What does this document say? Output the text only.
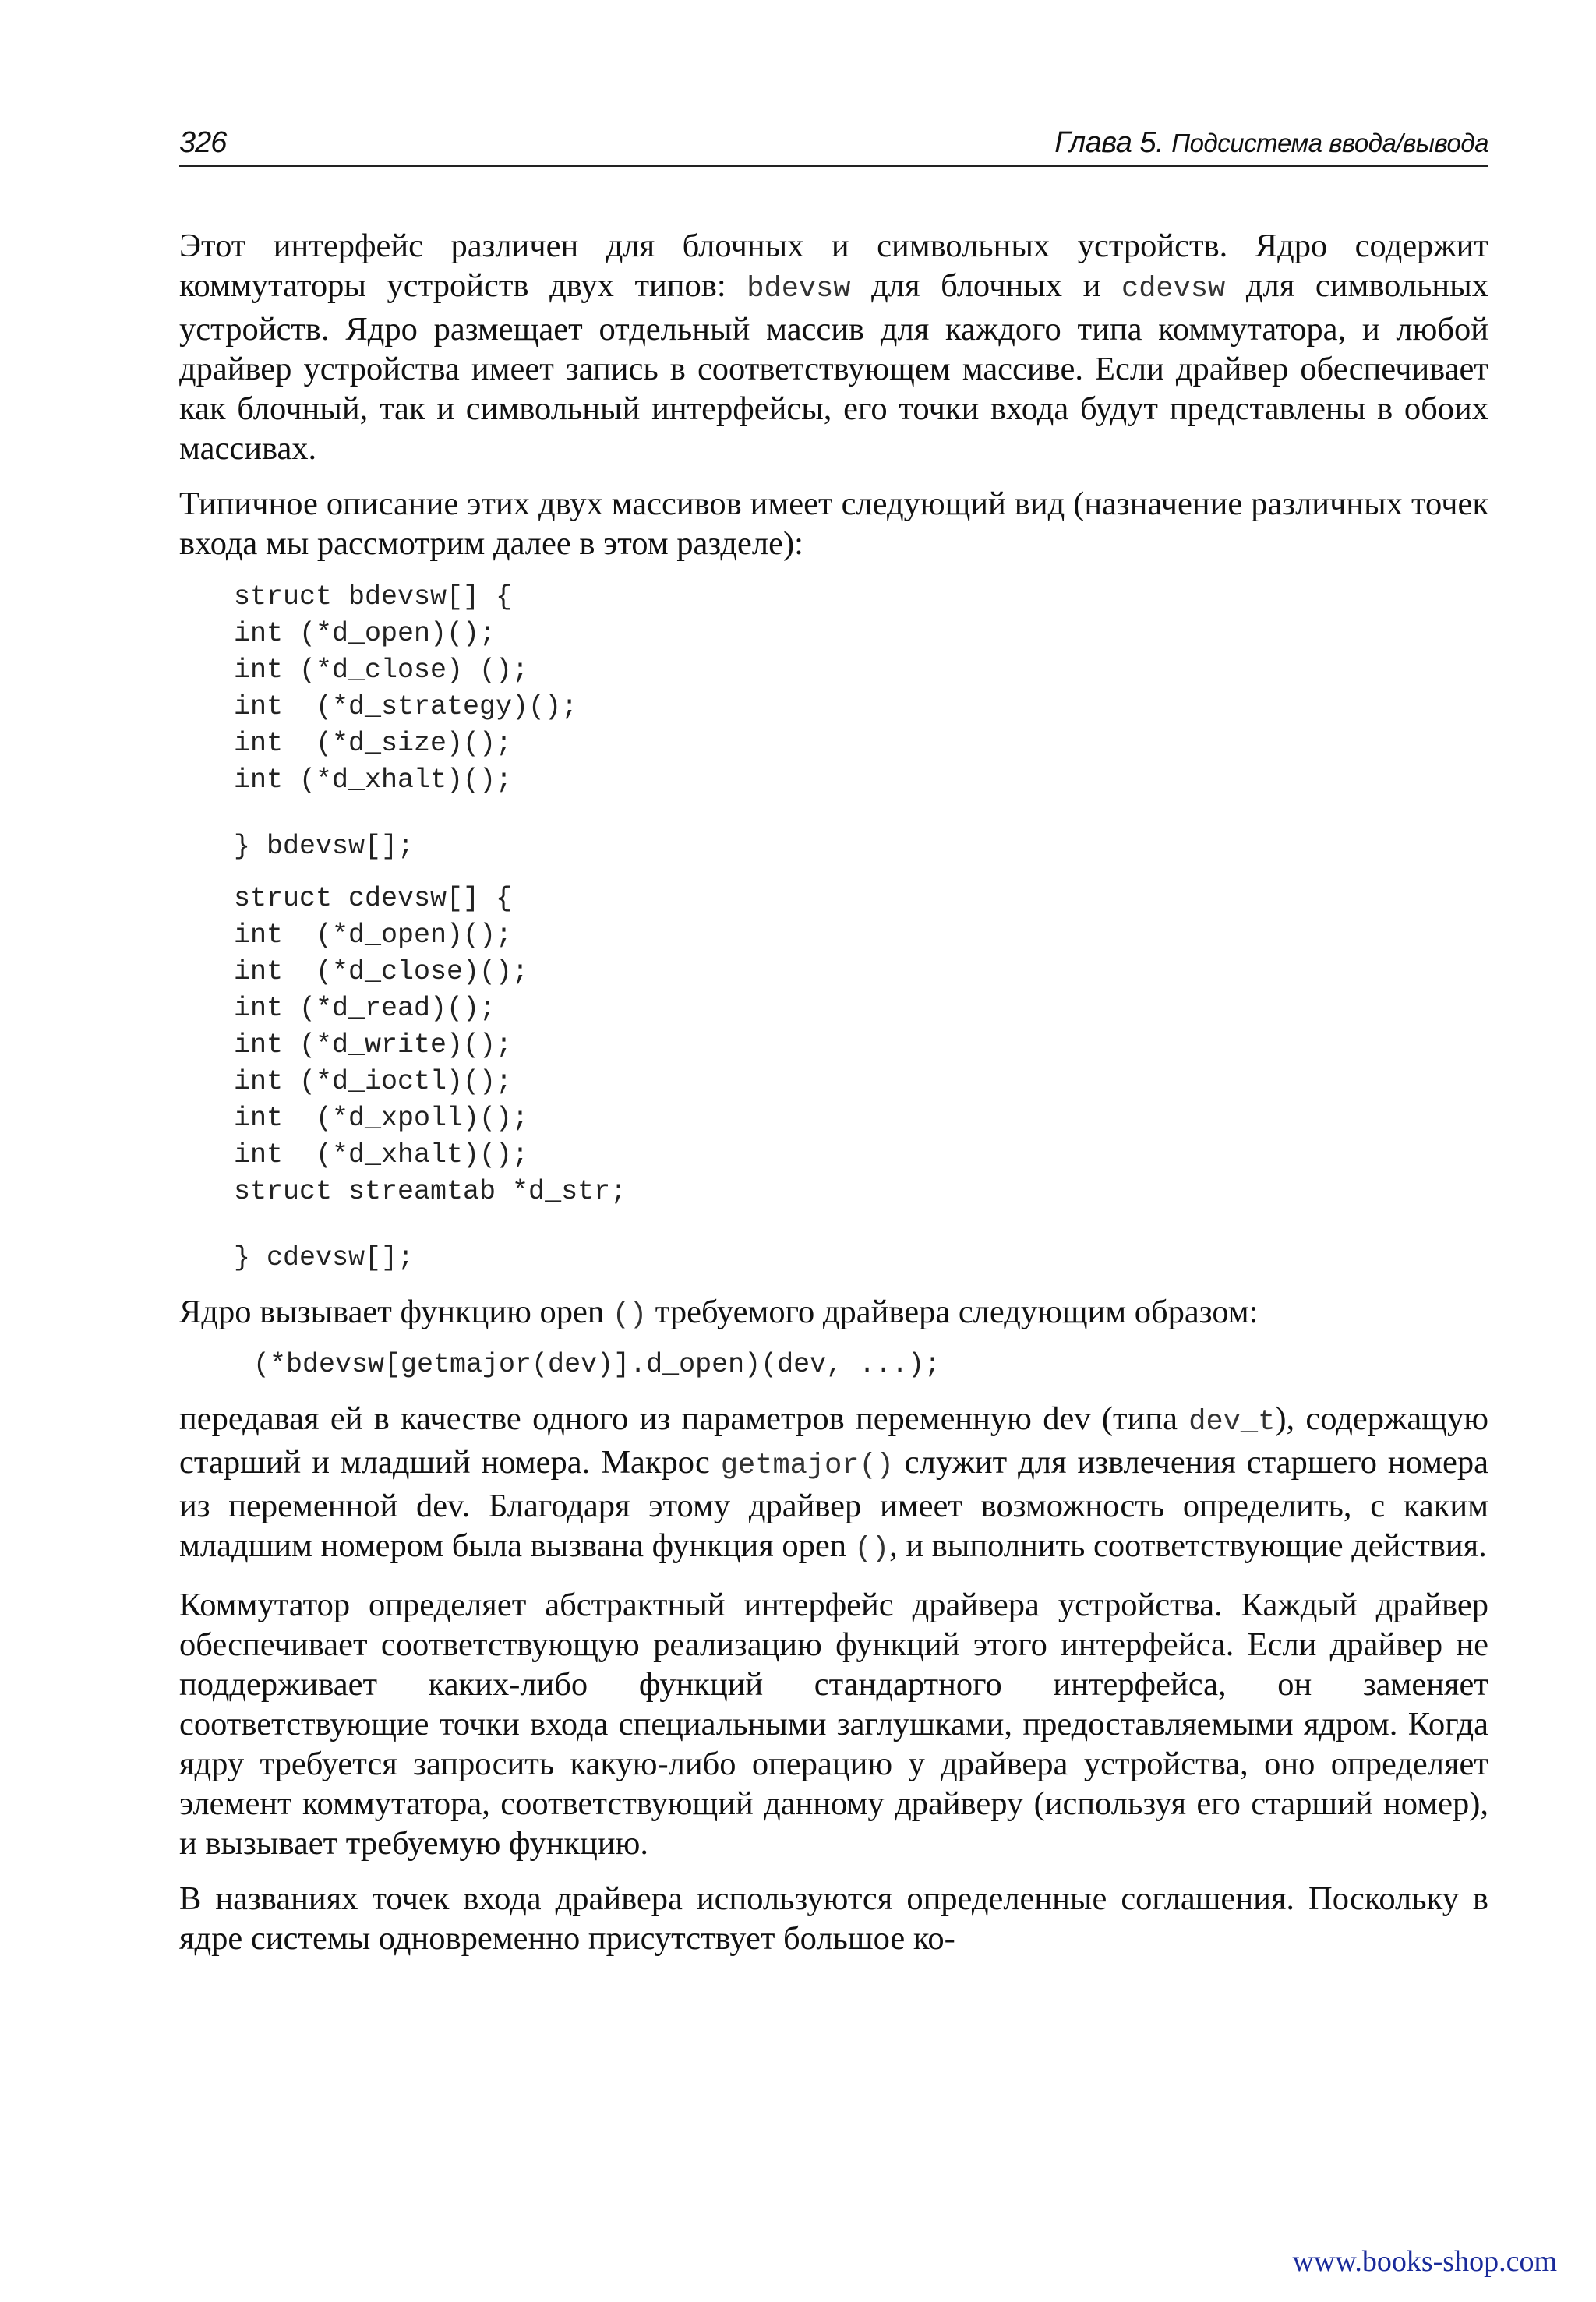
326	Глава 5. Подсистема ввода/вывода

Этот интерфейс различен для блочных и символьных устройств. Ядро содержит коммутаторы устройств двух типов: bdevsw для блочных и cdevsw для символьных устройств. Ядро размещает отдельный массив для каждого типа коммутатора, и любой драйвер устройства имеет запись в соответствующем массиве. Если драйвер обеспечивает как блочный, так и символьный интерфейсы, его точки входа будут представлены в обоих массивах.

Типичное описание этих двух массивов имеет следующий вид (назначение различных точек входа мы рассмотрим далее в этом разделе):

struct bdevsw[] {
int (*d_open)();
int (*d_close) ();
int  (*d_strategy)();
int  (*d_size)();
int (*d_xhalt)();
} bdevsw[];
struct cdevsw[] {
int  (*d_open)();
int  (*d_close)();
int (*d_read)();
int (*d_write)();
int (*d_ioctl)();
int  (*d_xpoll)();
int  (*d_xhalt)();
struct streamtab *d_str;
} cdevsw[];

Ядро вызывает функцию open () требуемого драйвера следующим образом:

(*bdevsw[getmajor(dev)].d_open)(dev, ...);

передавая ей в качестве одного из параметров переменную dev (типа dev_t), содержащую старший и младший номера. Макрос getmajor() служит для извлечения старшего номера из переменной dev. Благодаря этому драйвер имеет возможность определить, с каким младшим номером была вызвана функция open (), и выполнить соответствующие действия.

Коммутатор определяет абстрактный интерфейс драйвера устройства. Каждый драйвер обеспечивает соответствующую реализацию функций этого интерфейса. Если драйвер не поддерживает каких-либо функций стандартного интерфейса, он заменяет соответствующие точки входа специальными заглушками, предоставляемыми ядром. Когда ядру требуется запросить какую-либо операцию у драйвера устройства, оно определяет элемент коммутатора, соответствующий данному драйверу (используя его старший номер), и вызывает требуемую функцию.

В названиях точек входа драйвера используются определенные соглашения. Поскольку в ядре системы одновременно присутствует большое ко-

www.books-shop.com
